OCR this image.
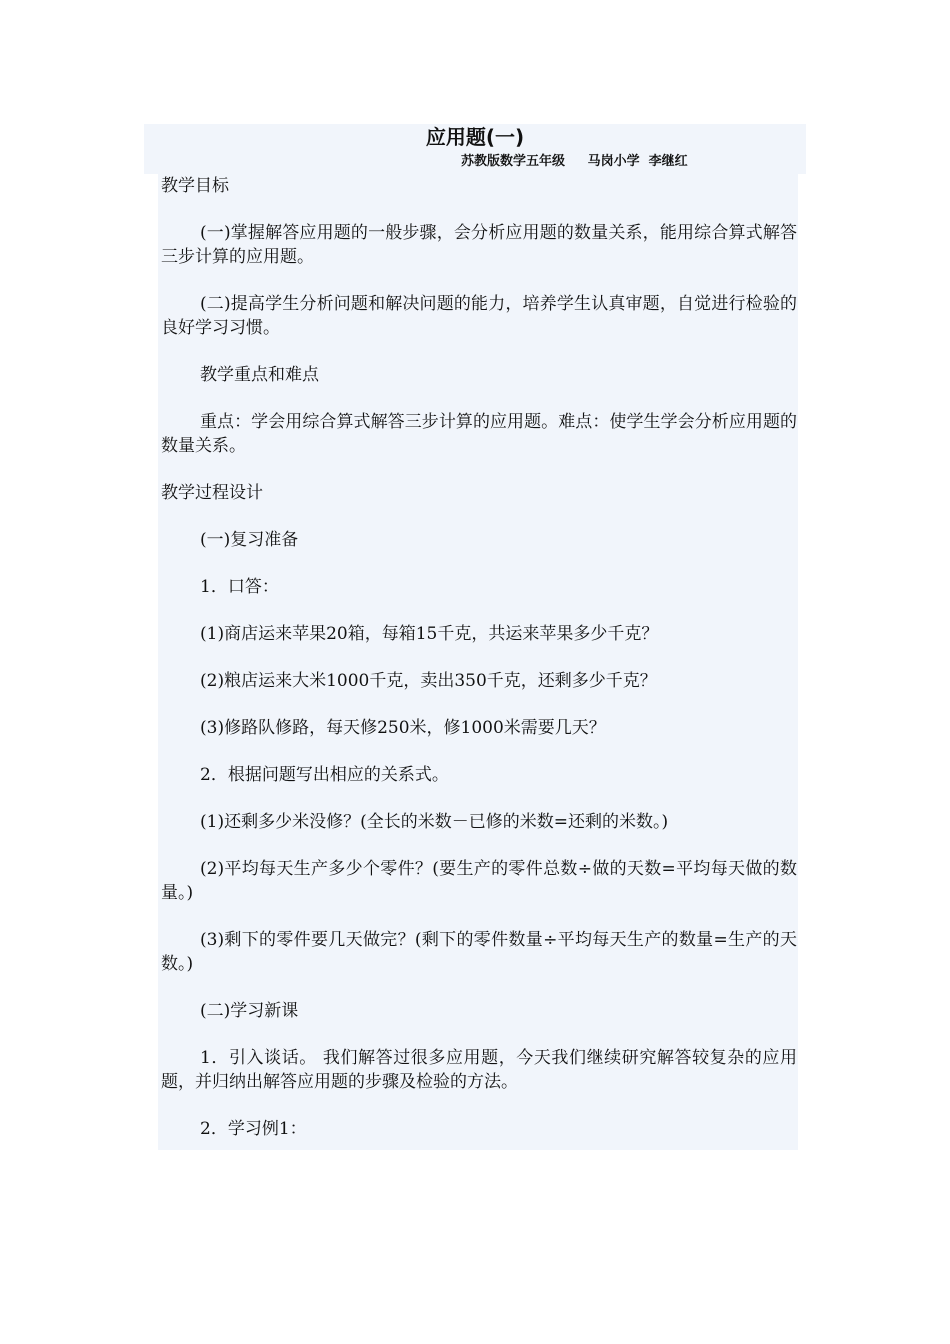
应用题(一)
苏教版数学五年级     马岗小学  李继红

教学目标

(一)掌握解答应用题的一般步骤，会分析应用题的数量关系，能用综合算式解答三步计算的应用题。

(二)提高学生分析问题和解决问题的能力，培养学生认真审题，自觉进行检验的良好学习习惯。

教学重点和难点

重点：学会用综合算式解答三步计算的应用题。难点：使学生学会分析应用题的数量关系。

教学过程设计

(一)复习准备

1．口答：

(1)商店运来苹果20箱，每箱15千克，共运来苹果多少千克？

(2)粮店运来大米1000千克，卖出350千克，还剩多少千克？

(3)修路队修路，每天修250米，修1000米需要几天？

2．根据问题写出相应的关系式。

(1)还剩多少米没修？(全长的米数－已修的米数=还剩的米数。)

(2)平均每天生产多少个零件？(要生产的零件总数÷做的天数=平均每天做的数量。)

(3)剩下的零件要几天做完？(剩下的零件数量÷平均每天生产的数量=生产的天数。)

(二)学习新课

1．引入谈话。 我们解答过很多应用题，今天我们继续研究解答较复杂的应用题，并归纳出解答应用题的步骤及检验的方法。

2．学习例1：
